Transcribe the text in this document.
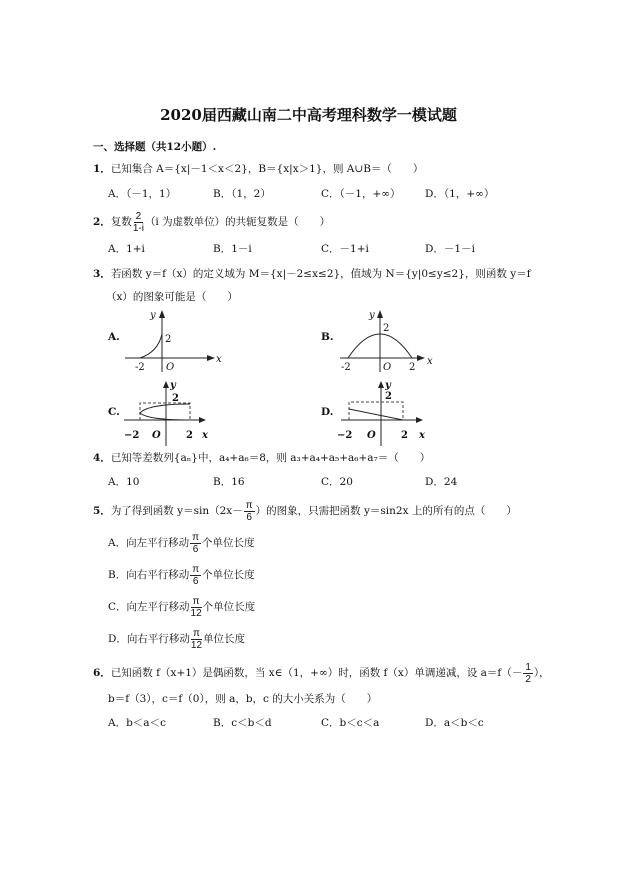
2020届西藏山南二中高考理科数学一模试题
一、选择题（共12小题）.
1．已知集合 A＝{x|－1＜x＜2}，B＝{x|x＞1}，则 A∪B＝（　　）
A．（－1，1）	B．（1，2）	C．（－1，+∞） D．（1，+∞）
2．复数 $\frac{2}{1-i} (i$ 为虚数单位）的共轭复数是（　　）
A．1+i	B．1－i	C．－1+i	D．－1－i
3．若函数 y＝f（x）的定义域为 M＝{x|－2≤x≤2}，值域为 N＝{y|0≤y≤2}，则函数 y＝f
（x）的图象可能是（　　）
A.
y
x
2
-2 O
B.
y
x
2
-2	2
O
C.
y
x
2
−2	2
O
D.
y
x
2
−2	2
O
4．已知等差数列{aₙ}中，a₄+a₆＝8，则 a₃+a₄+a₅+a₆+a₇＝（　　）
A．10	B．16	C．20	D．24
5．为了得到函数 $y=\sin(2x- \frac{\pi}{6}$ ）的图象，只需把函数 y＝sin2x 上的所有的点（　　）
A．向左平行移动 $\frac{\pi}{6}$ 个单位长度
B．向右平行移动 $\frac{\pi}{6}$ 个单位长度
C．向左平行移动 $\frac{\pi}{12}$ 个单位长度
D．向右平行移动 $\frac{\pi}{12}$ 单位长度
6．已知函数 f（x+1）是偶函数，当 x∈（1，+∞）时，函数 f（x）单调递减，设 $a=f(- \frac{1}{2}$ ），
b＝f（3），c＝f（0），则 a，b，c 的大小关系为（　　）
A．b＜a＜c	B．c＜b＜d	C．b＜c＜a	D．a＜b＜c
